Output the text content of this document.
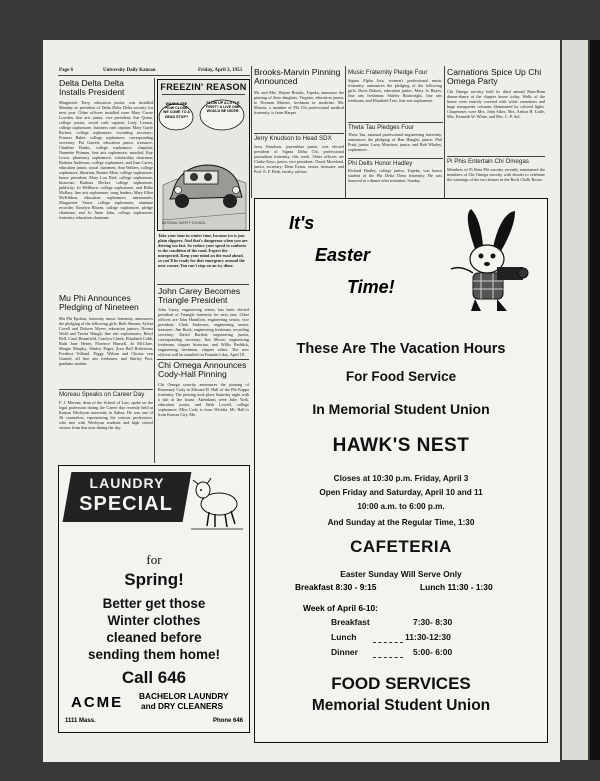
Page 6	University Daily Kansan	Friday, April 3, 1953
Delta Delta Delta Installs President
Marguerite Terry, education junior, was installed Monday as president of Delta Delta Delta sorority for next year. Other officers installed were Mary Carrie Lowden, fine arts junior, vice president; Sue Quinn, college junior, social rush captain; Letty Lemon, college sophomore, business rush captain; Mary Gayle Richert, college sophomore, recording secretary; Frances Baker, college sophomore, corresponding secretary; Pat Garrett, education junior, treasurer; Charlene Banks, college sophomore, chaplain; Nannette Pittman, fine arts sophomore, marshal; Kay Lewis, pharmacy sophomore, scholarship chairman; Barbara Anderson, college sophomore, and Joan Carter, education junior, social chairmen; Ann Walters, college sophomore, librarian; Bonnie Metz, college sophomore, house president; Mary Lou Bird, college sophomore, historian; Barbara Becker, college sophomore, publicity; Jo Wellborn, college sophomore, and Billie Mallory, fine arts sophomore, song leaders; Mary Ellen McKibben, education sophomore, intramurals; Marguerite Vance, college sophomore, alumnae recorder; Roselyn Bloom, college sophomore, pledge chairman, and Jo Anne John, college sophomore, fraternity education chairman.
Mu Phi Announces Pledging of Nineteen
Mu Phi Epsilon, honorary music fraternity, announces the pledging of the following girls: Beth Shearer, Sylvia Covell and Dolores Myers, education juniors; Norma Wohl and Teresa Waugh, fine arts sophomores; Beryl Bell, Carol Brumfield, Carolyn Cheek, Elizabeth Cubb, Ruth Jane Henry, Florence Hunsell, Jo McClure, Margie Murphy, Shirley Puget, Zora Bell Robertson, Fredrica Volland, Peggy Wilson and Christa von Gontiel, all fine arts freshmen, and Shirley Post, graduate student.
Moreau Speaks on Career Day
F. J. Moreau, dean of the School of Law, spoke on the legal profession during the Career day recently held at Kansas Wesleyan university in Salina. He was one of 36 counselors, representing the various professions, who met with Wesleyan students and high school seniors from that area during the day.
FREEZIN' REASON
WANNA SEE HOW CLOSE WE COME TO A DEAD STOP?
SLOW UP A LITTLE FIRST? A LIVE ONE WOULD BE NICER.
NATIONAL SAFETY COUNCIL
Take your time in winter time, because ice is just plain slippery. And that's dangerous when you are driving too fast. So reduce your speed to conform to the condition of the road. Expect the unexpected. Keep your mind on the road ahead, so you'll be ready for that emergency around the next corner. You can't stop on an icy dime.
John Carey Becomes Triangle President
John Carey, engineering senior, has been elected president of Triangle fraternity for next year. Other officers are John Hamilton, engineering senior, vice president; Clark Anderson, engineering senior, treasurer; Jim Book, engineering freshman, recording secretary; David Bartlett, engineering junior, corresponding secretary; Jim Moore, engineering freshman, chapter historian, and Willis Reddick, engineering freshman, chapter editor. The new officers will be installed on Founder's day, April 18.
Chi Omega Announces Cody-Hall Pinning
Chi Omega sorority announces the pinning of Rosemary Cody to Edward H. Hall of the Phi Kappa fraternity. The pinning took place Saturday night with a skit at the house. Attendants were Julie York, education junior, and Beth Lowell, college sophomore. Miss Cody is from Wichita. Mr. Hall is from Kansas City, Mo.
Brooks-Marvin Pinning Announced
Mr. and Mrs. Wayne Brooks, Topeka, announce the pinning of their daughter, Virginia, education junior, to Norman Marvin, freshman in medicine. Mr. Marvin, a member of Phi Chi professional medical fraternity, is from Harper.
Jerry Knudson to Head SDX
Jerry Knudson, journalism junior, was elected president of Sigma Delta Chi, professional journalism fraternity, this week. Other officers are Clarke Keys, junior, vice president; Chuck Moreland, junior, secretary; Dean Evans, senior, treasurer, and Prof. E. F. Beth, faculty adviser.
Music Fraternity Pledge Four
Sigma Alpha Iota, women's professional music fraternity, announces the pledging of the following girls: Doris Dubois, education junior; Mary Jo Hayes, fine arts freshman; Shirley Boatwright, fine arts freshman, and Elizabeth Tess, fine arts sophomore.
Theta Tau Pledges Four
Theta Tau, national professional engineering fraternity, announces the pledging of Ben Haught, junior; Phil Pratt, junior; Larry Morrison, junior, and Bob Whaley, sophomore.
Phi Delts Honor Hadley
Richard Hadley, college junior, Topeka, was honor student of the Phi Delta Theta fraternity. He was honored at a dinner after initiation, Sunday.
Carnations Spice Up Chi Omega Party
Chi Omega sorority held its third annual Bum-Bum dinner-dance at the chapter house today. Walls of the house were entirely covered with white carnations and huge transparent columns illuminated by colored lights. Chaperones were Mrs. John Sikes, Mrs. Arthur H. Little, Mrs. Kenneth W. White, and Mrs. C. P. Ael.
Pi Phis Entertain Chi Omegas
Members of Pi Beta Phi sorority recently entertained the members of Chi Omega sorority with dessert to celebrate the winnings of the two houses in the Rock Chalk Revue.
LAUNDRY
SPECIAL
for
Spring!
Better get those
Winter clothes
cleaned before
sending them home!
Call 646
ACME BACHELOR LAUNDRY
and DRY CLEANERS
1111 Mass.	Phone 646
It's
Easter
Time!
These Are The Vacation Hours
For Food Service
In Memorial Student Union
HAWK'S NEST
Closes at 10:30 p.m. Friday, April 3
Open Friday and Saturday, April 10 and 11
10:00 a.m. to 6:00 p.m.
And Sunday at the Regular Time, 1:30
CAFETERIA
Easter Sunday Will Serve Only
Breakfast 8:30 - 9:15	Lunch 11:30 - 1:30
Week of April 6-10:
Breakfast	7:30- 8:30
Lunch	11:30-12:30
Dinner	5:00- 6:00
FOOD SERVICES
Memorial Student Union
